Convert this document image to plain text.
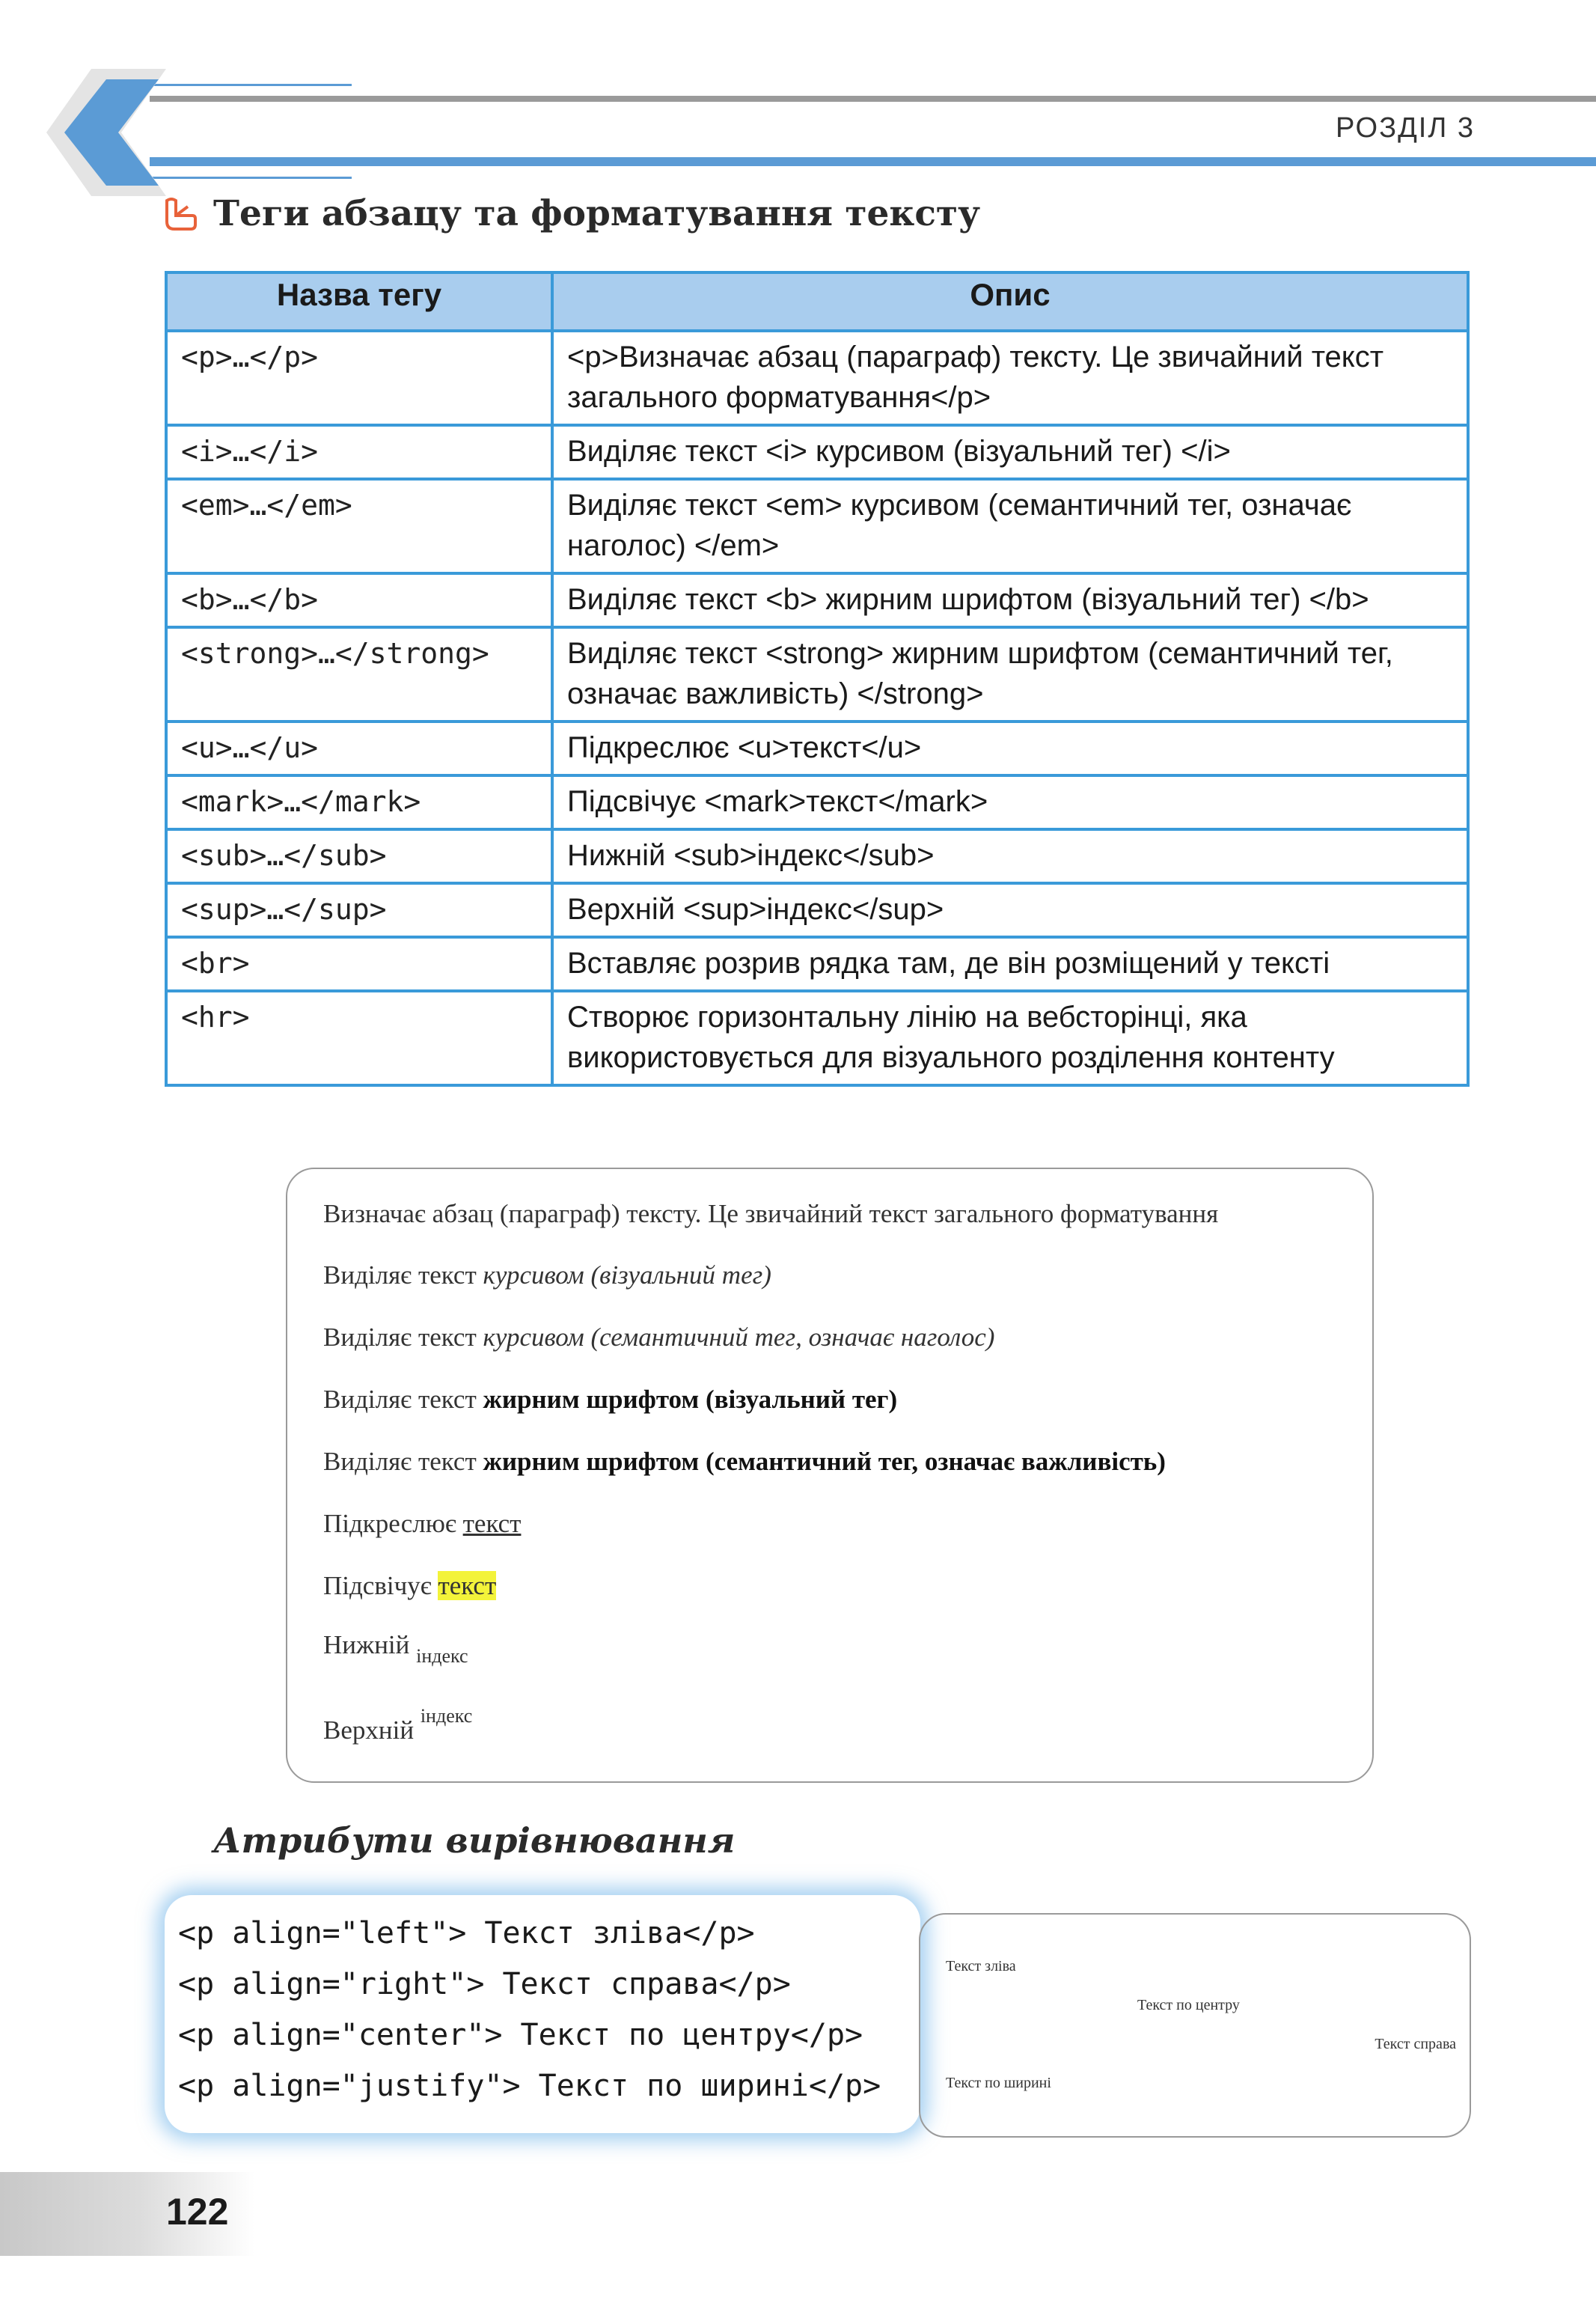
РОЗДІЛ 3
Теги абзацу та форматування тексту
Назва тегу	Опис
<p>…</p>	<p>Визначає абзац (параграф) тексту. Це звичайний текст загального форматування</p>
<i>…</i>	Виділяє текст <i> курсивом (візуальний тег) </i>
<em>…</em>	Виділяє текст <em> курсивом (семантичний тег, означає наголос) </em>
<b>…</b>	Виділяє текст <b> жирним шрифтом (візуальний тег) </b>
<strong>…</strong>	Виділяє текст <strong> жирним шрифтом (семантичний тег, означає важливість) </strong>
<u>…</u>	Підкреслює <u>текст</u>
<mark>…</mark>	Підсвічує <mark>текст</mark>
<sub>…</sub>	Нижній <sub>індекс</sub>
<sup>…</sup>	Верхній <sup>індекс</sup>
<br>	Вставляє розрив рядка там, де він розміщений у тексті
<hr>	Створює горизонтальну лінію на вебсторінці, яка використовується для візуального розділення контенту
Визначає абзац (параграф) тексту. Це звичайний текст загального форматування
Виділяє текст курсивом (візуальний тег)
Виділяє текст курсивом (семантичний тег, означає наголос)
Виділяє текст жирним шрифтом (візуальний тег)
Виділяє текст жирним шрифтом (семантичний тег, означає важливість)
Підкреслює текст
Підсвічує текст
Нижній $_{індекс}$
Верхній $^{індекс}$
Атрибути вирівнювання
<p align="left"> Текст зліва</p>
<p align="right"> Текст справа</p>
<p align="center"> Текст по центру</p>
<p align="justify"> Текст по ширині</p>
Текст зліва
Текст по центру
Текст справа
Текст по ширині
122
